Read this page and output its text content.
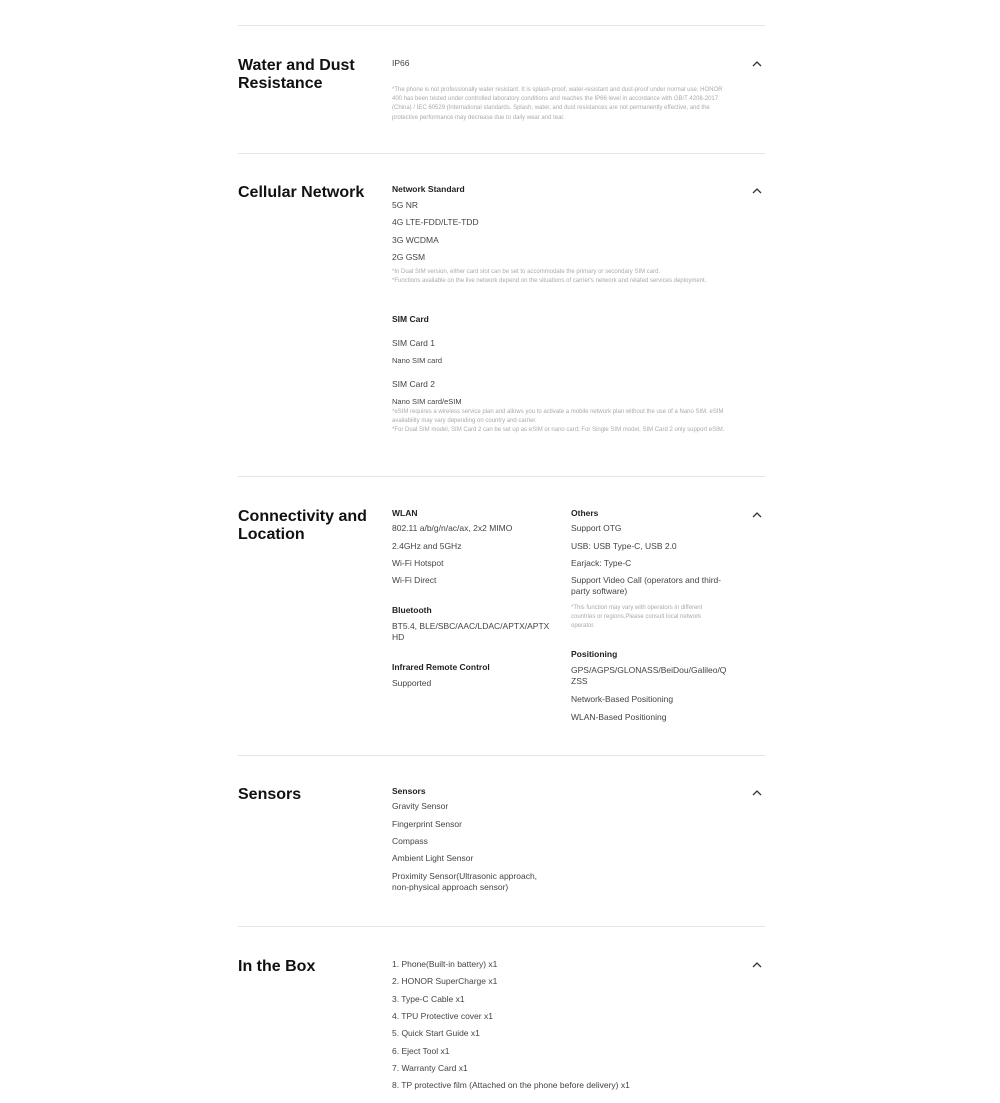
Water and Dust Resistance
IP66
*The phone is not professionally water resistant. It is splash-proof, water-resistant and dust-proof under normal use. HONOR 400 has been tested under controlled laboratory conditions and reaches the IP66 level in accordance with GB/T 4208-2017 (China) / IEC 60529 (International standards. Splash, water, and dust resistances are not permanently effective, and the protective performance may decrease due to daily wear and tear.
Cellular Network	Network Standard
5G NR
4G LTE-FDD/LTE-TDD
3G WCDMA
2G GSM
*In Dual SIM version, either card slot can be set to accommodate the primary or secondary SIM card.
*Functions available on the live network depend on the situations of carrier's network and related services deployment.
SIM Card
SIM Card 1
Nano SIM card
SIM Card 2
Nano SIM card/eSIM
*eSIM requires a wireless service plan and allows you to activate a mobile network plan without the use of a Nano SIM. eSIM availability may vary depending on country and carrier.
*For Dual SIM model, SIM Card 2 can be set up as eSIM or nano card; For Single SIM model, SIM Card 2 only support eSIM.
Connectivity and Location
WLAN
802.11 a/b/g/n/ac/ax, 2x2 MIMO
2.4GHz and 5GHz
Wi-Fi Hotspot
Wi-Fi Direct
Bluetooth
BT5.4, BLE/SBC/AAC/LDAC/APTX/APTX HD
Infrared Remote Control
Supported
Others
Support OTG
USB: USB Type-C, USB 2.0
Earjack: Type-C
Support Video Call (operators and third-party software)
*This function may vary with operators in different countries or regions.Please consult local network operator.
Positioning
GPS/AGPS/GLONASS/BeiDou/Galileo/QZSS
Network-Based Positioning
WLAN-Based Positioning
Sensors	Sensors
Gravity Sensor
Fingerprint Sensor
Compass
Ambient Light Sensor
Proximity Sensor(Ultrasonic approach, non-physical approach sensor)
In the Box	1. Phone(Built-in battery) x1
2. HONOR SuperCharge x1
3. Type-C Cable x1
4. TPU Protective cover x1
5. Quick Start Guide x1
6. Eject Tool x1
7. Warranty Card x1
8. TP protective film (Attached on the phone before delivery) x1
